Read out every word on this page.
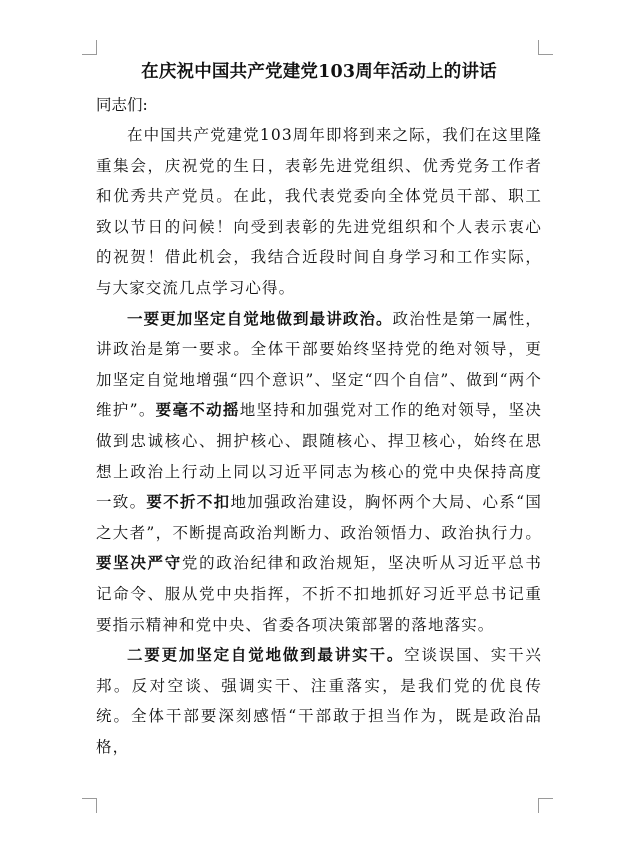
在庆祝中国共产党建党103周年活动上的讲话

同志们:

在中国共产党建党103周年即将到来之际，我们在这里隆重集会，庆祝党的生日，表彰先进党组织、优秀党务工作者和优秀共产党员。在此，我代表党委向全体党员干部、职工致以节日的问候！向受到表彰的先进党组织和个人表示衷心的祝贺！借此机会，我结合近段时间自身学习和工作实际，与大家交流几点学习心得。

一要更加坚定自觉地做到最讲政治。政治性是第一属性，讲政治是第一要求。全体干部要始终坚持党的绝对领导，更加坚定自觉地增强“四个意识”、坚定“四个自信”、做到“两个维护”。要毫不动摇地坚持和加强党对工作的绝对领导，坚决做到忠诚核心、拥护核心、跟随核心、捍卫核心，始终在思想上政治上行动上同以习近平同志为核心的党中央保持高度一致。要不折不扣地加强政治建设，胸怀两个大局、心系“国之大者”，不断提高政治判断力、政治领悟力、政治执行力。要坚决严守党的政治纪律和政治规矩，坚决听从习近平总书记命令、服从党中央指挥，不折不扣地抓好习近平总书记重要指示精神和党中央、省委各项决策部署的落地落实。

二要更加坚定自觉地做到最讲实干。空谈误国、实干兴邦。反对空谈、强调实干、注重落实，是我们党的优良传统。全体干部要深刻感悟“干部敢于担当作为，既是政治品格，
